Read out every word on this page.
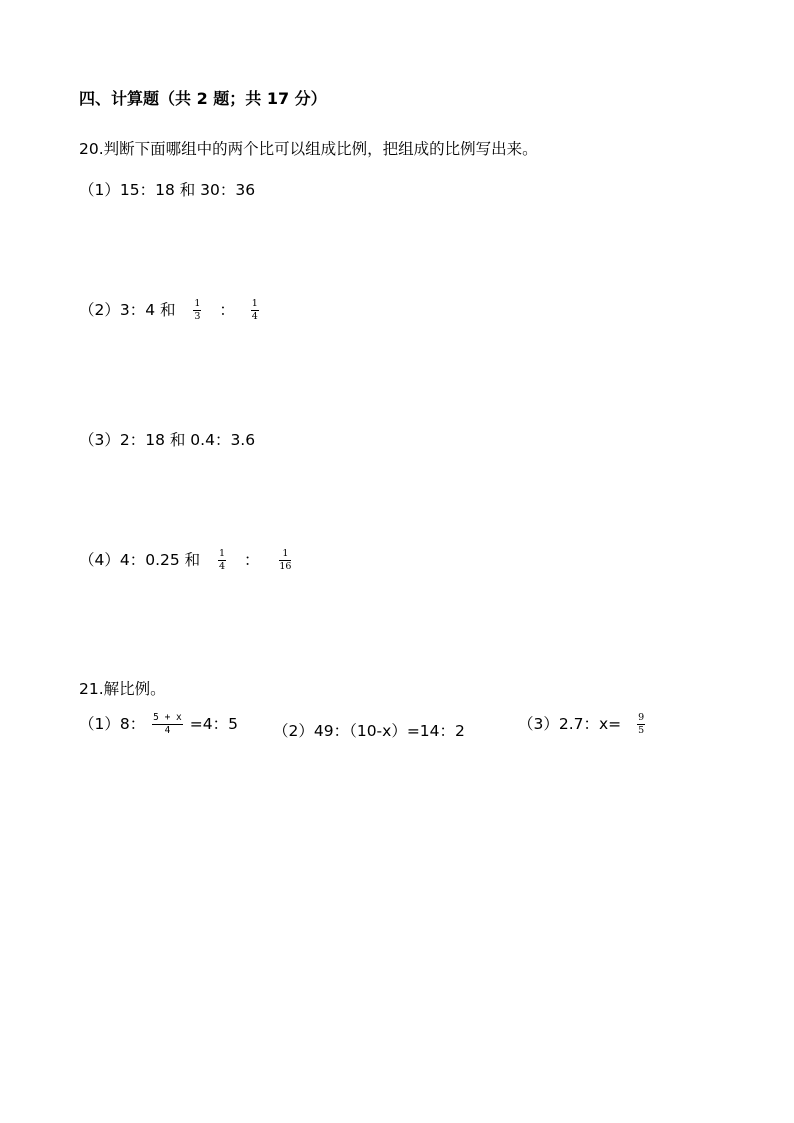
四、计算题（共 2 题；共 17 分）
20.判断下面哪组中的两个比可以组成比例，把组成的比例写出来。
（1）15：18 和 30：36
（2）3：4 和 $\frac{1}{3}$ ： $\frac{1}{4}$
（3）2：18 和 0.4：3.6
（4）4：0.25 和 $\frac{1}{4}$ ： $\frac{1}{16}$
21.解比例。
（1）8： $\frac{5 + x}{4} =4$：5 （2）49：（10-x）=14：2	（3）2.7：$x= \frac{9}{5}$
